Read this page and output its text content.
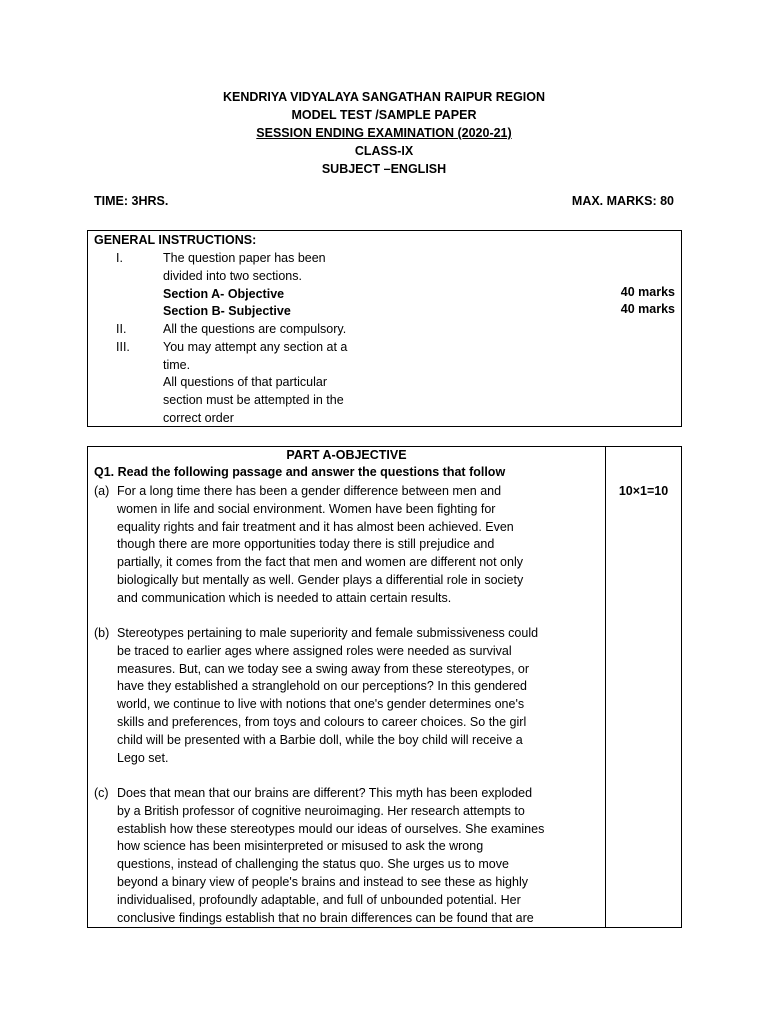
KENDRIYA VIDYALAYA SANGATHAN RAIPUR REGION
MODEL TEST /SAMPLE PAPER
SESSION ENDING EXAMINATION (2020-21)
CLASS-IX
SUBJECT –ENGLISH
TIME: 3HRS.	MAX. MARKS: 80
GENERAL INSTRUCTIONS:
I.	The question paper has been
divided into two sections.
Section A- Objective	40 marks
Section B- Subjective	40 marks
II.	All the questions are compulsory.
III.	You may attempt any section at a
time.
All questions of that particular
section must be attempted in the
correct order
PART A-OBJECTIVE
Q1. Read the following passage and answer the questions that follow
10×1=10
(a) For a long time there has been a gender difference between men and
women in life and social environment. Women have been fighting for
equality rights and fair treatment and it has almost been achieved. Even
though there are more opportunities today there is still prejudice and
partially, it comes from the fact that men and women are different not only
biologically but mentally as well. Gender plays a differential role in society
and communication which is needed to attain certain results.
(b) Stereotypes pertaining to male superiority and female submissiveness could
be traced to earlier ages where assigned roles were needed as survival
measures. But, can we today see a swing away from these stereotypes, or
have they established a stranglehold on our perceptions? In this gendered
world, we continue to live with notions that one's gender determines one's
skills and preferences, from toys and colours to career choices. So the girl
child will be presented with a Barbie doll, while the boy child will receive a
Lego set.
(c) Does that mean that our brains are different? This myth has been exploded
by a British professor of cognitive neuroimaging. Her research attempts to
establish how these stereotypes mould our ideas of ourselves. She examines
how science has been misinterpreted or misused to ask the wrong
questions, instead of challenging the status quo. She urges us to move
beyond a binary view of people's brains and instead to see these as highly
individualised, profoundly adaptable, and full of unbounded potential. Her
conclusive findings establish that no brain differences can be found that are
